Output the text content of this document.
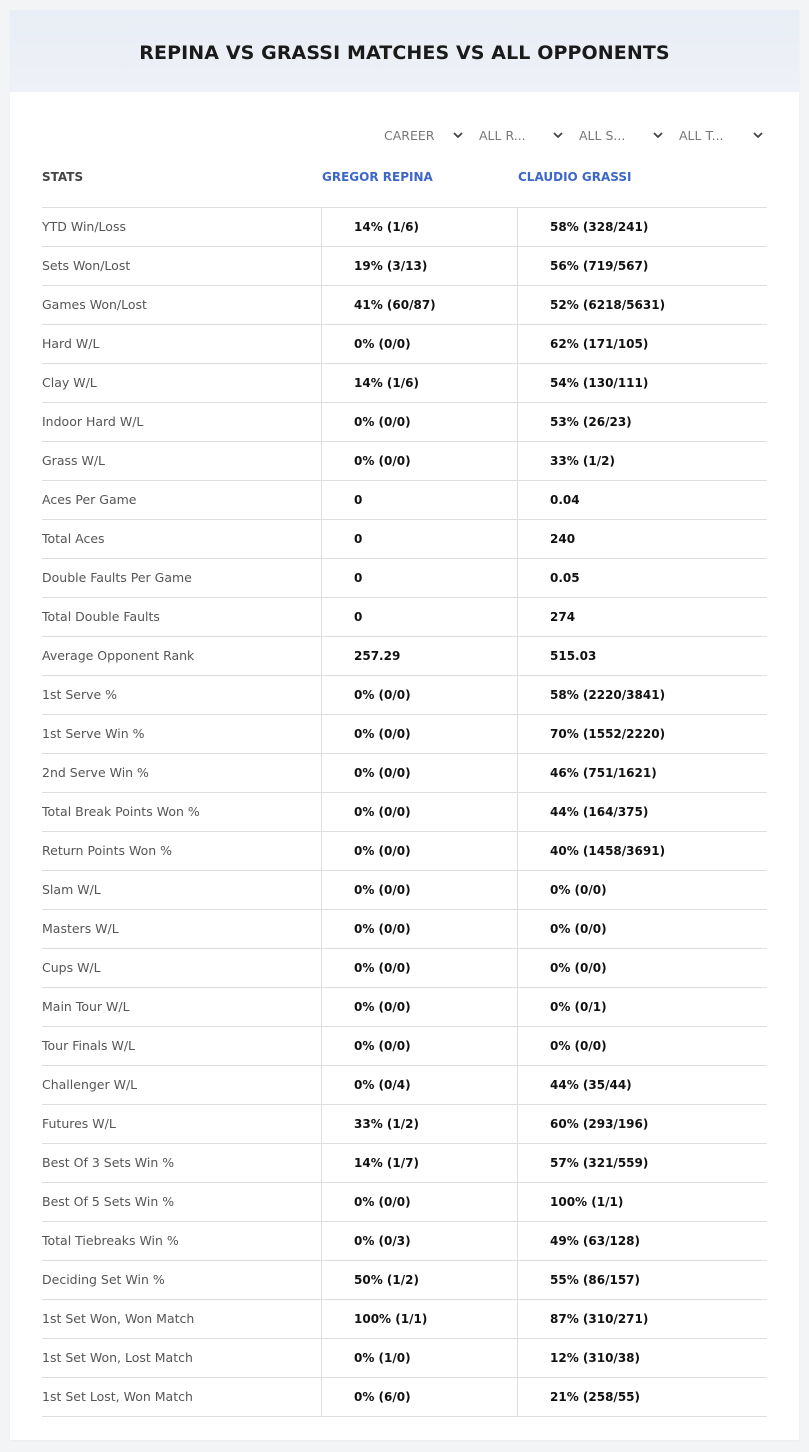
REPINA VS GRASSI MATCHES VS ALL OPPONENTS
CAREER	ALL R...	ALL S...	ALL T...
STATS	GREGOR REPINA	CLAUDIO GRASSI
YTD Win/Loss	14% (1/6)	58% (328/241)
Sets Won/Lost	19% (3/13)	56% (719/567)
Games Won/Lost	41% (60/87)	52% (6218/5631)
Hard W/L	0% (0/0)	62% (171/105)
Clay W/L	14% (1/6)	54% (130/111)
Indoor Hard W/L	0% (0/0)	53% (26/23)
Grass W/L	0% (0/0)	33% (1/2)
Aces Per Game	0	0.04
Total Aces	0	240
Double Faults Per Game	0	0.05
Total Double Faults	0	274
Average Opponent Rank	257.29	515.03
1st Serve %	0% (0/0)	58% (2220/3841)
1st Serve Win %	0% (0/0)	70% (1552/2220)
2nd Serve Win %	0% (0/0)	46% (751/1621)
Total Break Points Won %	0% (0/0)	44% (164/375)
Return Points Won %	0% (0/0)	40% (1458/3691)
Slam W/L	0% (0/0)	0% (0/0)
Masters W/L	0% (0/0)	0% (0/0)
Cups W/L	0% (0/0)	0% (0/0)
Main Tour W/L	0% (0/0)	0% (0/1)
Tour Finals W/L	0% (0/0)	0% (0/0)
Challenger W/L	0% (0/4)	44% (35/44)
Futures W/L	33% (1/2)	60% (293/196)
Best Of 3 Sets Win %	14% (1/7)	57% (321/559)
Best Of 5 Sets Win %	0% (0/0)	100% (1/1)
Total Tiebreaks Win %	0% (0/3)	49% (63/128)
Deciding Set Win %	50% (1/2)	55% (86/157)
1st Set Won, Won Match	100% (1/1)	87% (310/271)
1st Set Won, Lost Match	0% (1/0)	12% (310/38)
1st Set Lost, Won Match	0% (6/0)	21% (258/55)
